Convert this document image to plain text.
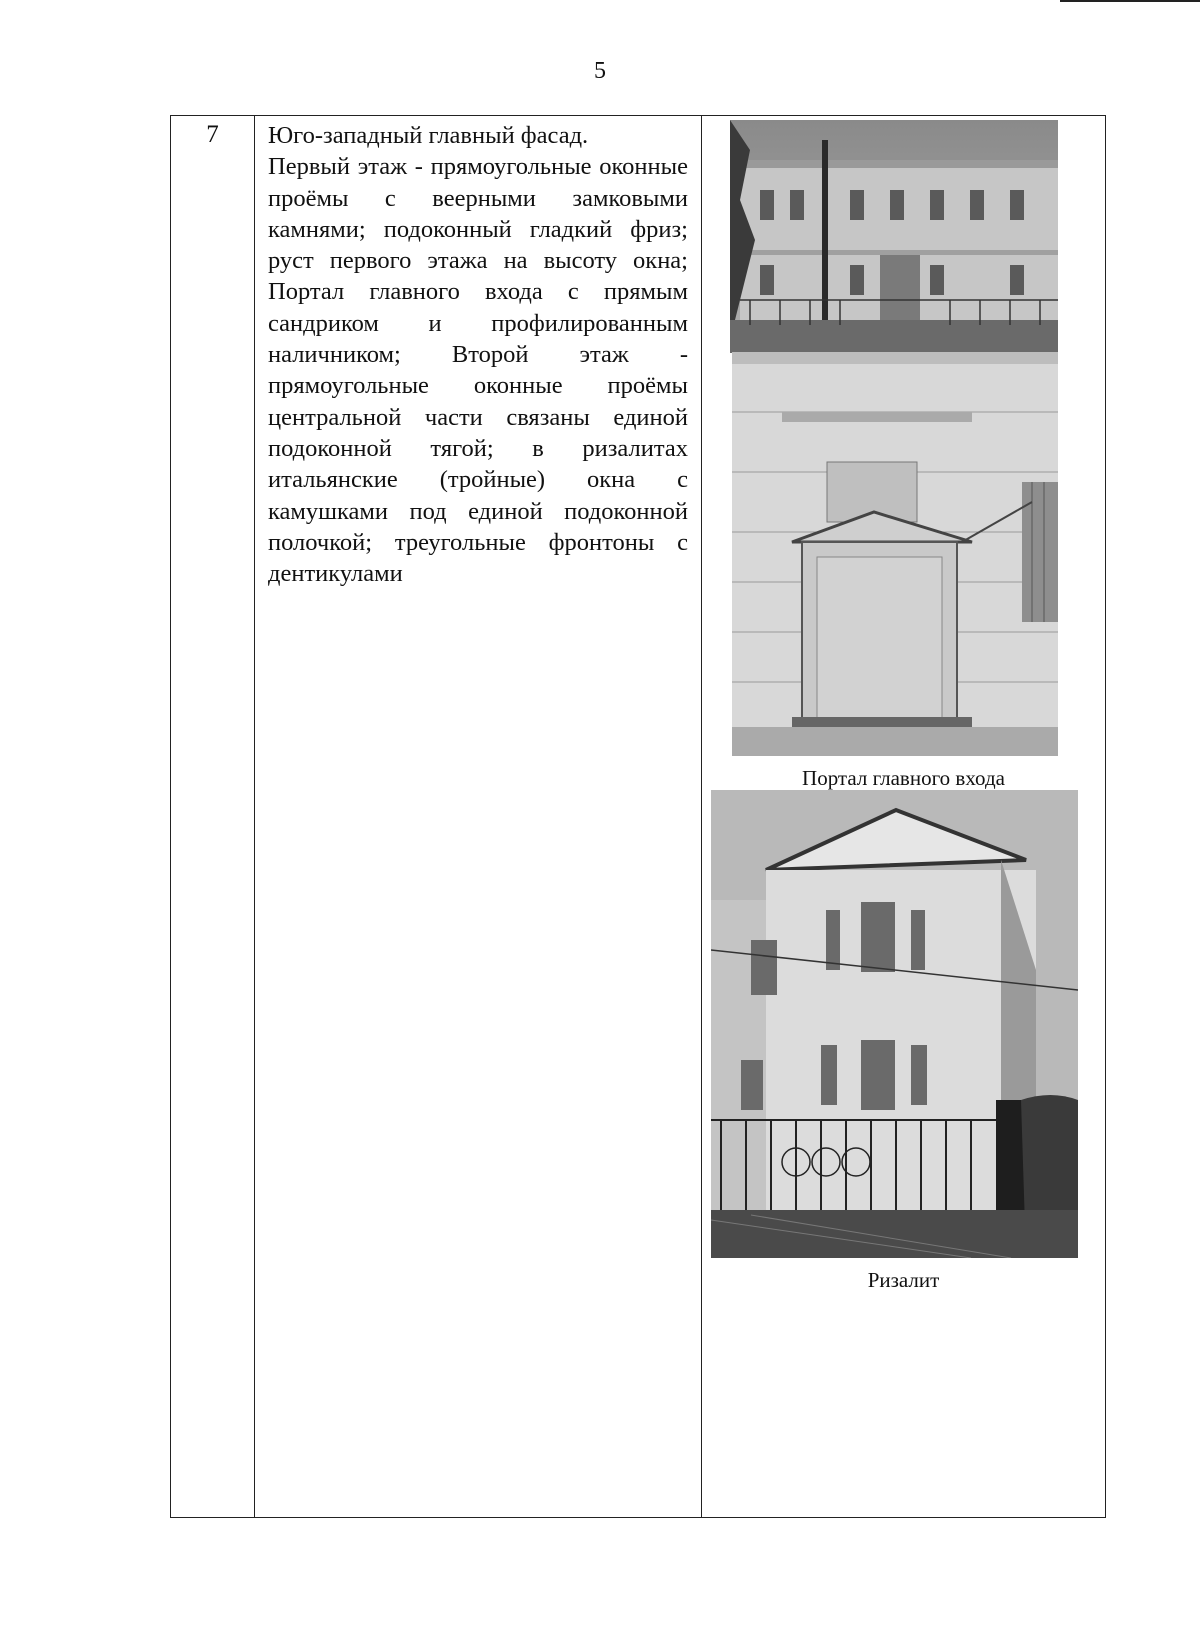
5
7	Юго-западный главный фасад.
Первый этаж - прямоугольные оконные проёмы с веерными замковыми камнями; подоконный гладкий фриз; руст первого этажа на высоту окна; Портал главного входа с прямым сандриком и профилированным наличником; Второй этаж - прямоугольные оконные проёмы центральной части связаны единой подоконной тягой; в ризалитах итальянские (тройные) окна с камушками под единой подоконной полочкой; треугольные фронтоны с дентикулами

Портал главного входа
Ризалит
